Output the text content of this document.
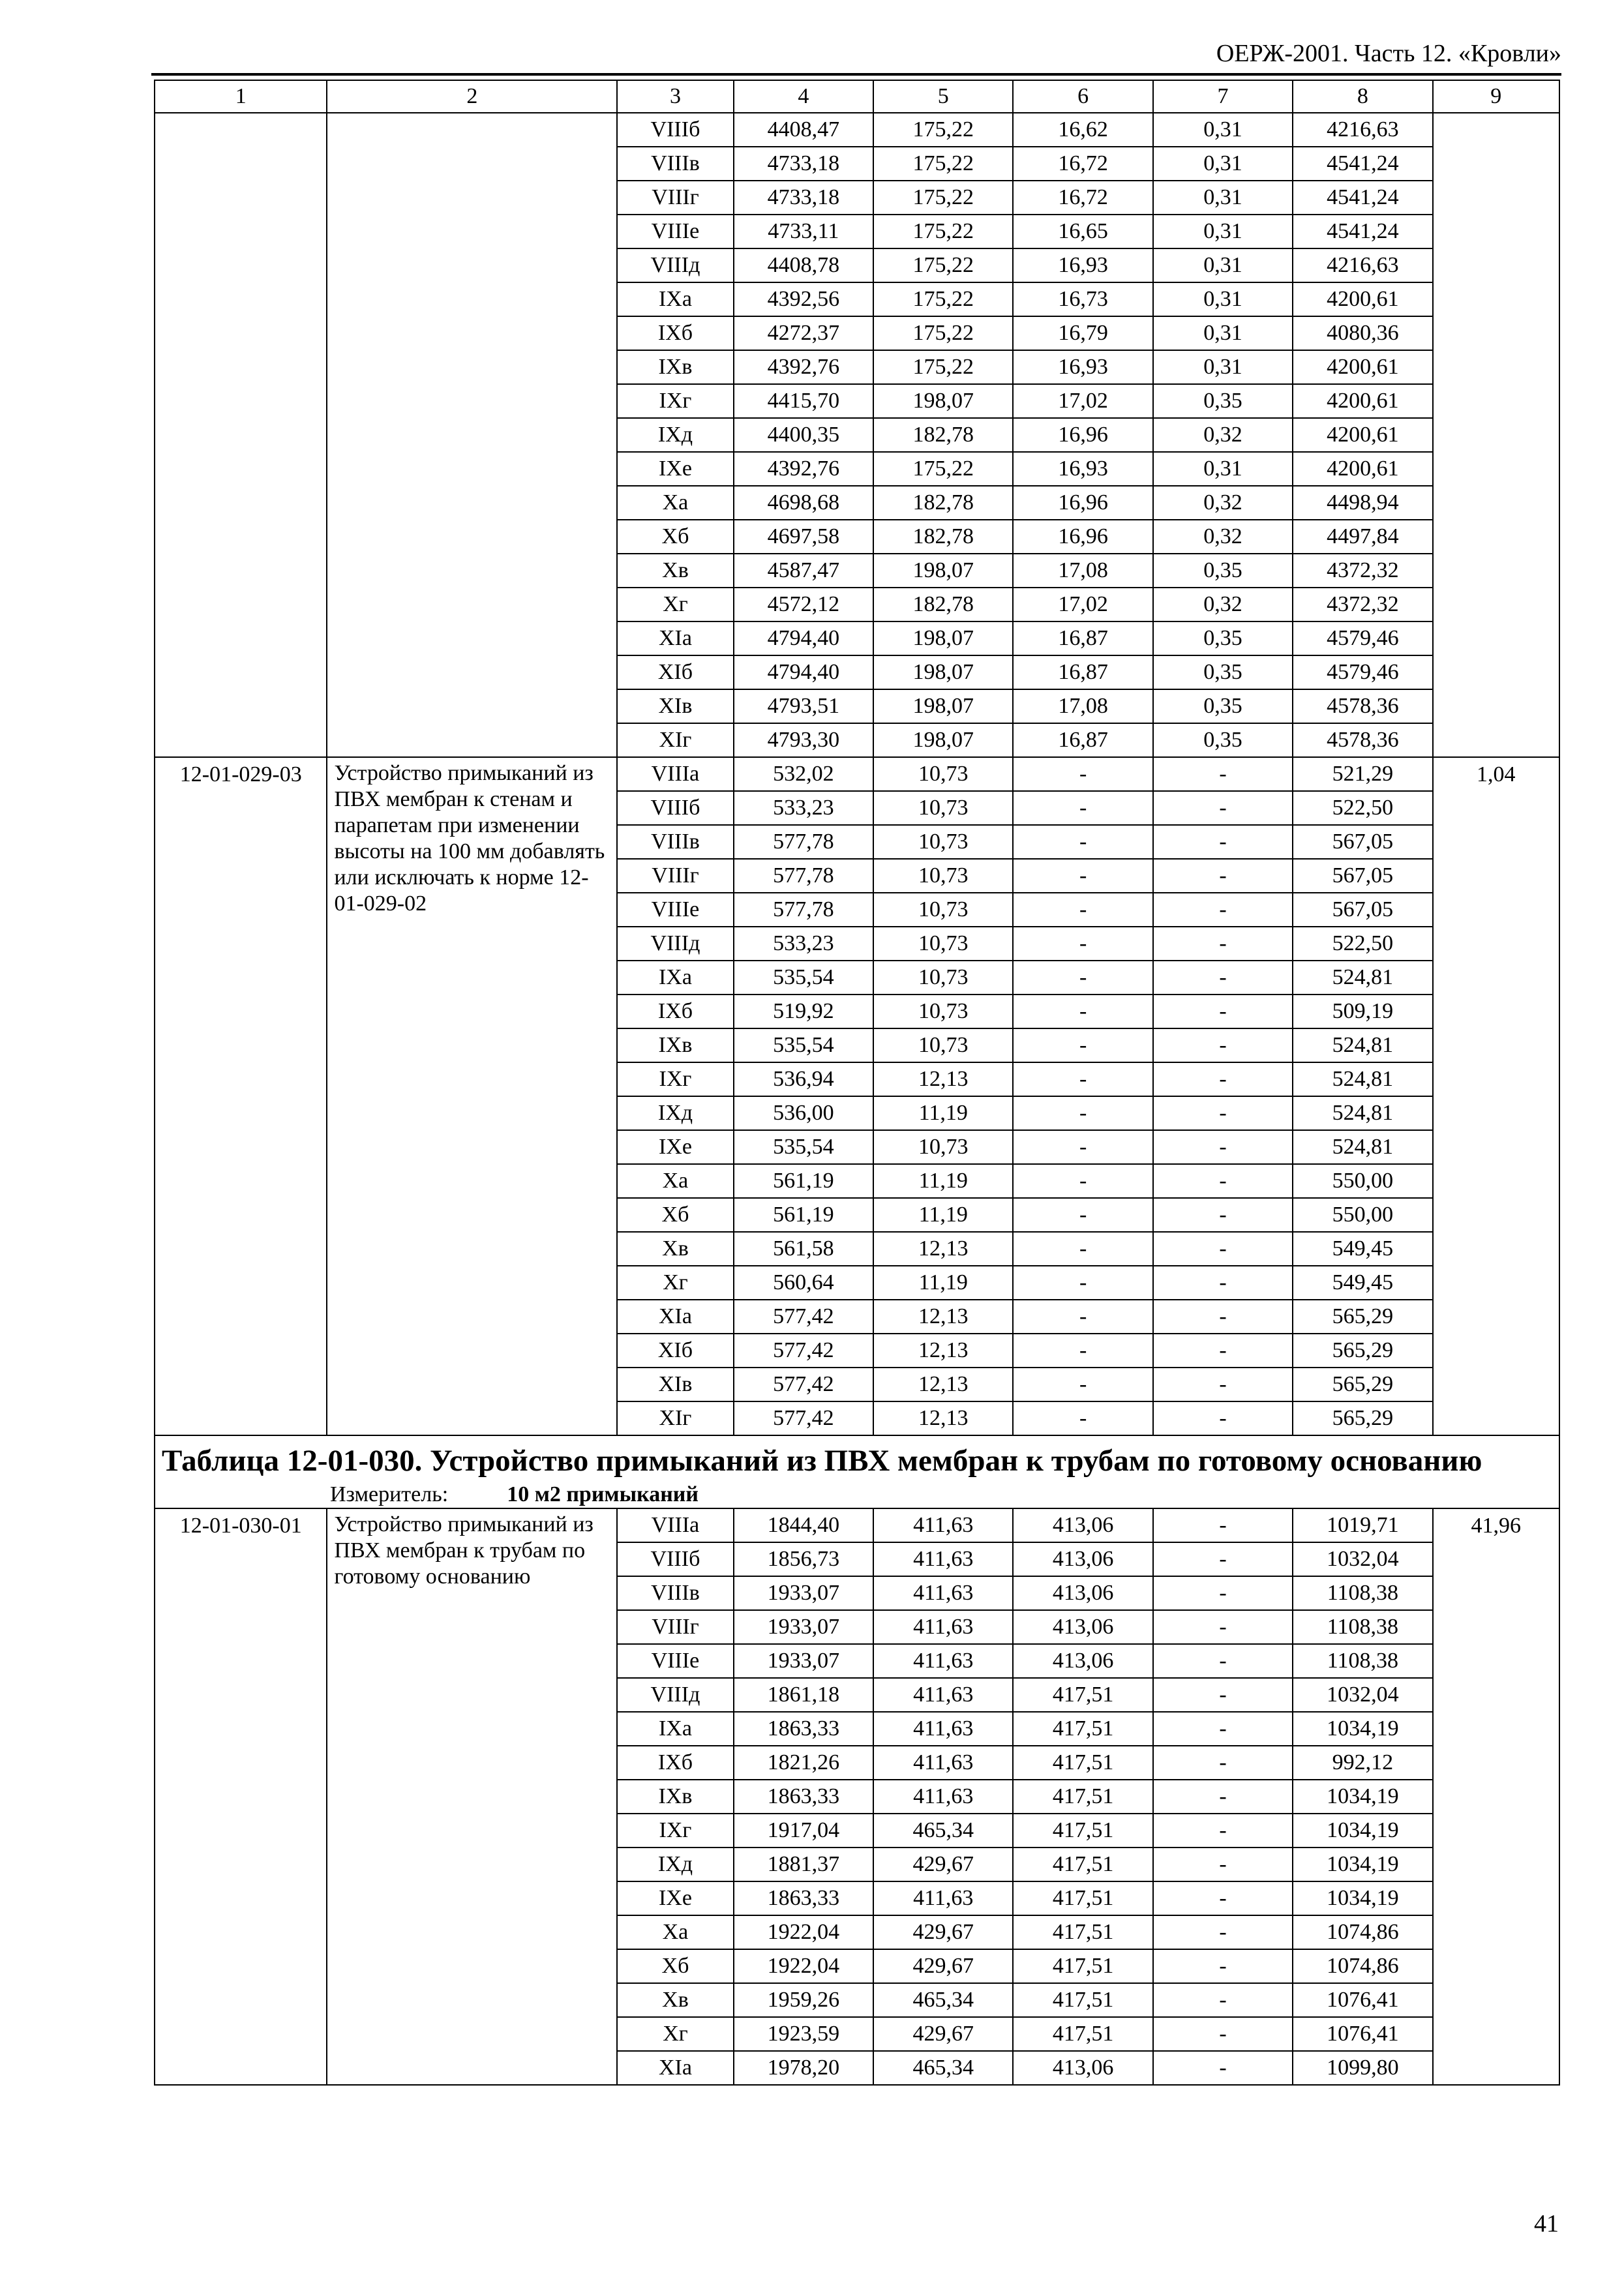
ОЕРЖ-2001. Часть 12. «Кровли»
1	2	3	4	5	6	7	8	9
		VIIIб	4408,47	175,22	16,62	0,31	4216,63	
		VIIIв	4733,18	175,22	16,72	0,31	4541,24	
		VIIIг	4733,18	175,22	16,72	0,31	4541,24	
		VIIIе	4733,11	175,22	16,65	0,31	4541,24	
		VIIIд	4408,78	175,22	16,93	0,31	4216,63	
		IXа	4392,56	175,22	16,73	0,31	4200,61	
		IXб	4272,37	175,22	16,79	0,31	4080,36	
		IXв	4392,76	175,22	16,93	0,31	4200,61	
		IXг	4415,70	198,07	17,02	0,35	4200,61	
		IXд	4400,35	182,78	16,96	0,32	4200,61	
		IXе	4392,76	175,22	16,93	0,31	4200,61	
		Xа	4698,68	182,78	16,96	0,32	4498,94	
		Xб	4697,58	182,78	16,96	0,32	4497,84	
		Xв	4587,47	198,07	17,08	0,35	4372,32	
		Xг	4572,12	182,78	17,02	0,32	4372,32	
		XIа	4794,40	198,07	16,87	0,35	4579,46	
		XIб	4794,40	198,07	16,87	0,35	4579,46	
		XIв	4793,51	198,07	17,08	0,35	4578,36	
		XIг	4793,30	198,07	16,87	0,35	4578,36	
12-01-029-03	Устройство примыканий из ПВХ мембран к стенам и парапетам при изменении высоты на 100 мм добавлять или исключать к норме 12-01-029-02	VIIIа	532,02	10,73	-	-	521,29	1,04
		VIIIб	533,23	10,73	-	-	522,50	
		VIIIв	577,78	10,73	-	-	567,05	
		VIIIг	577,78	10,73	-	-	567,05	
		VIIIе	577,78	10,73	-	-	567,05	
		VIIIд	533,23	10,73	-	-	522,50	
		IXа	535,54	10,73	-	-	524,81	
		IXб	519,92	10,73	-	-	509,19	
		IXв	535,54	10,73	-	-	524,81	
		IXг	536,94	12,13	-	-	524,81	
		IXд	536,00	11,19	-	-	524,81	
		IXе	535,54	10,73	-	-	524,81	
		Xа	561,19	11,19	-	-	550,00	
		Xб	561,19	11,19	-	-	550,00	
		Xв	561,58	12,13	-	-	549,45	
		Xг	560,64	11,19	-	-	549,45	
		XIа	577,42	12,13	-	-	565,29	
		XIб	577,42	12,13	-	-	565,29	
		XIв	577,42	12,13	-	-	565,29	
		XIг	577,42	12,13	-	-	565,29	

Таблица 12-01-030. Устройство примыканий из ПВХ мембран к трубам по готовому основанию
Измеритель: 10 м2 примыканий								

12-01-030-01	Устройство примыканий из ПВХ мембран к трубам по готовому основанию	VIIIа	1844,40	411,63	413,06	-	1019,71	41,96
		VIIIб	1856,73	411,63	413,06	-	1032,04	
		VIIIв	1933,07	411,63	413,06	-	1108,38	
		VIIIг	1933,07	411,63	413,06	-	1108,38	
		VIIIе	1933,07	411,63	413,06	-	1108,38	
		VIIIд	1861,18	411,63	417,51	-	1032,04	
		IXа	1863,33	411,63	417,51	-	1034,19	
		IXб	1821,26	411,63	417,51	-	992,12	
		IXв	1863,33	411,63	417,51	-	1034,19	
		IXг	1917,04	465,34	417,51	-	1034,19	
		IXд	1881,37	429,67	417,51	-	1034,19	
		IXе	1863,33	411,63	417,51	-	1034,19	
		Xа	1922,04	429,67	417,51	-	1074,86	
		Xб	1922,04	429,67	417,51	-	1074,86	
		Xв	1959,26	465,34	417,51	-	1076,41	
		Xг	1923,59	429,67	417,51	-	1076,41	
		XIа	1978,20	465,34	413,06	-	1099,80	
41
